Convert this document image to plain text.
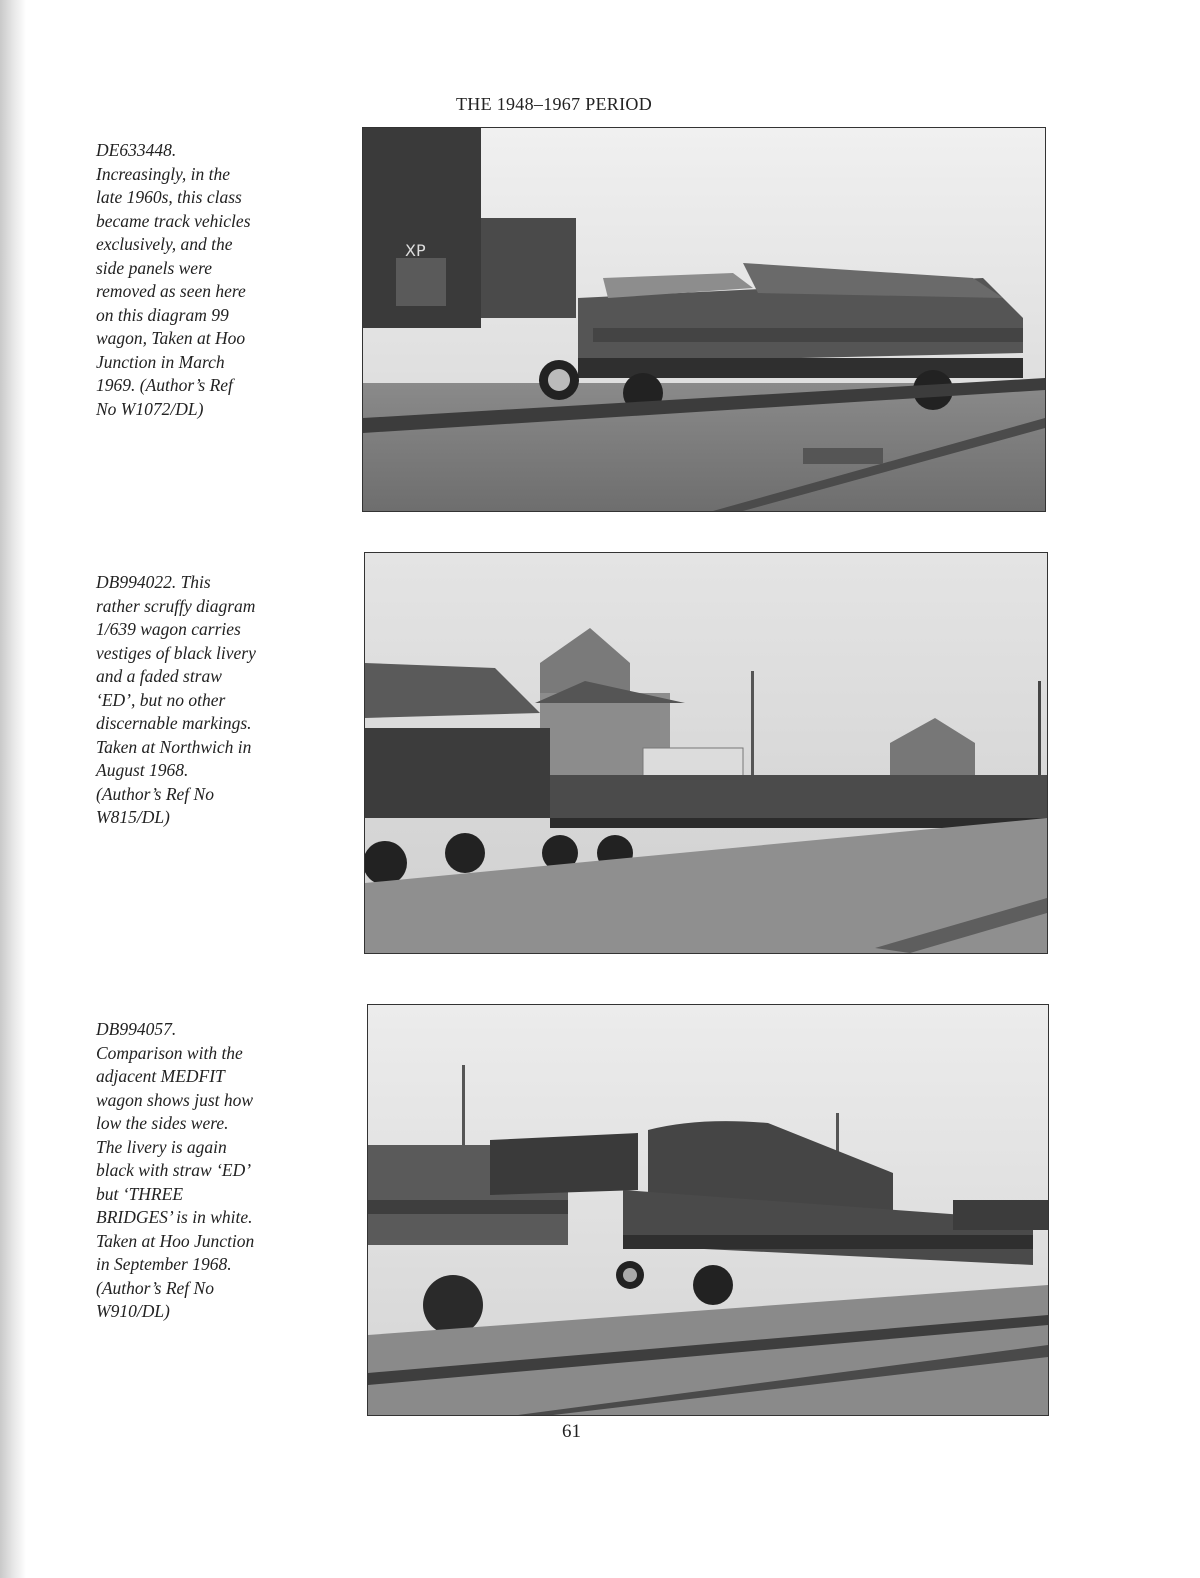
THE 1948–1967 PERIOD

DE633448.

Increasingly, in the

late 1960s, this class

became track vehicles

exclusively, and the

side panels were

removed as seen here

on this diagram 99

wagon, Taken at Hoo

Junction in March

1969. (Author’s Ref

No W1072/DL)

XP

DB994022. This

rather scruffy diagram

1/639 wagon carries

vestiges of black livery

and a faded straw

‘ED’, but no other

discernable markings.

Taken at Northwich in

August 1968.

(Author’s Ref No

W815/DL)

DB994057.

Comparison with the

adjacent MEDFIT

wagon shows just how

low the sides were.

The livery is again

black with straw ‘ED’

but ‘THREE

BRIDGES’ is in white.

Taken at Hoo Junction

in September 1968.

(Author’s Ref No

W910/DL)

61
